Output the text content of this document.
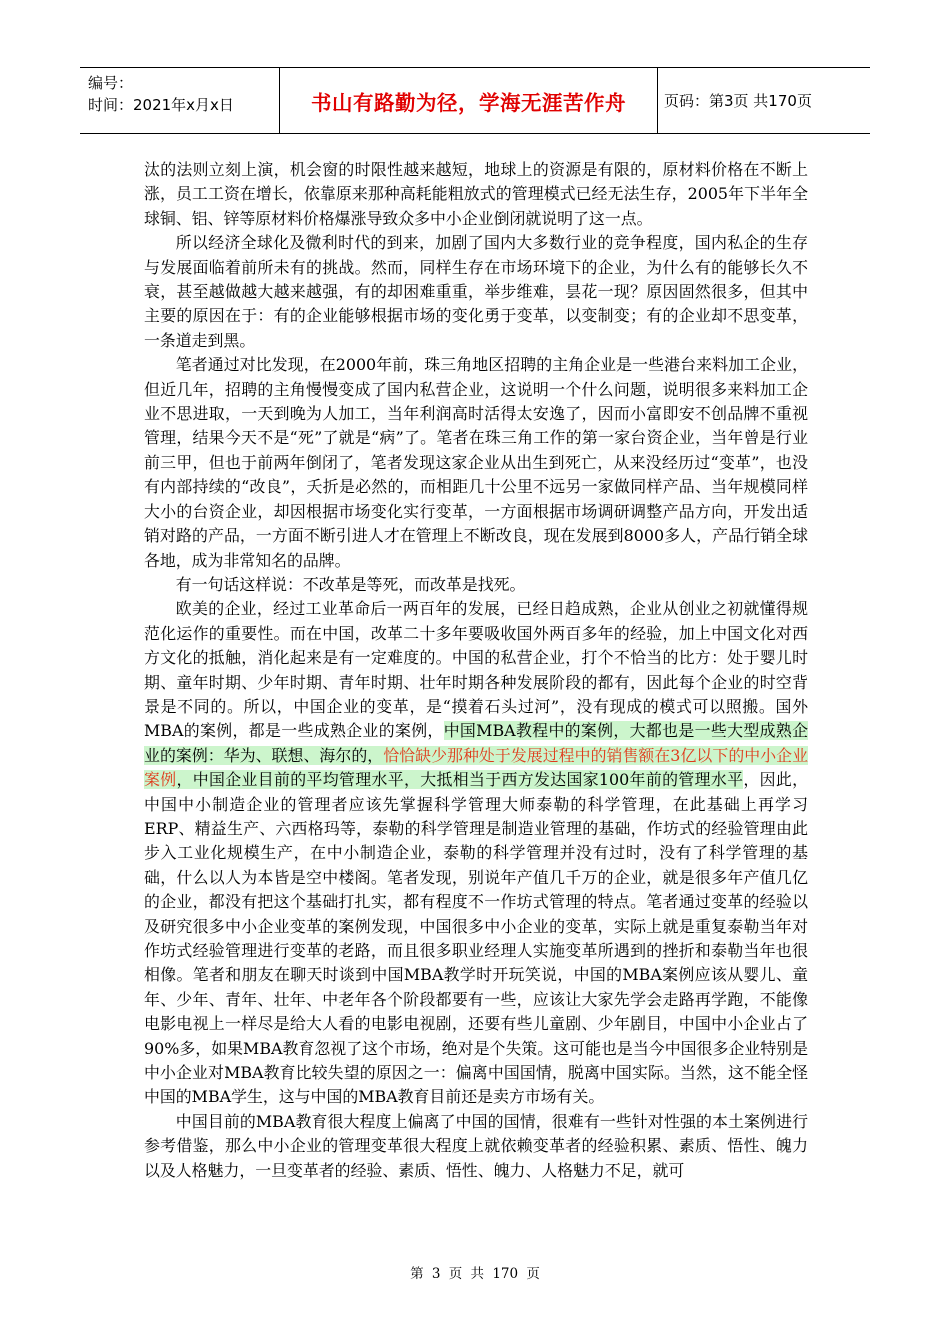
编号：
时间：2021年x月x日	书山有路勤为径，学海无涯苦作舟	页码：第3页 共170页

汰的法则立刻上演，机会窗的时限性越来越短，地球上的资源是有限的，原材料价格在不断上涨，员工工资在增长，依靠原来那种高耗能粗放式的管理模式已经无法生存，2005年下半年全球铜、铝、锌等原材料价格爆涨导致众多中小企业倒闭就说明了这一点。

所以经济全球化及微利时代的到来，加剧了国内大多数行业的竞争程度，国内私企的生存与发展面临着前所未有的挑战。然而，同样生存在市场环境下的企业，为什么有的能够长久不衰，甚至越做越大越来越强，有的却困难重重，举步维难，昙花一现？原因固然很多，但其中主要的原因在于：有的企业能够根据市场的变化勇于变革，以变制变；有的企业却不思变革，一条道走到黑。

笔者通过对比发现，在2000年前，珠三角地区招聘的主角企业是一些港台来料加工企业，但近几年，招聘的主角慢慢变成了国内私营企业，这说明一个什么问题，说明很多来料加工企业不思进取，一天到晚为人加工，当年利润高时活得太安逸了，因而小富即安不创品牌不重视管理，结果今天不是“死”了就是“病”了。笔者在珠三角工作的第一家台资企业，当年曾是行业前三甲，但也于前两年倒闭了，笔者发现这家企业从出生到死亡，从来没经历过“变革”，也没有内部持续的“改良”，夭折是必然的，而相距几十公里不远另一家做同样产品、当年规模同样大小的台资企业，却因根据市场变化实行变革，一方面根据市场调研调整产品方向，开发出适销对路的产品，一方面不断引进人才在管理上不断改良，现在发展到8000多人，产品行销全球各地，成为非常知名的品牌。

有一句话这样说：不改革是等死，而改革是找死。

欧美的企业，经过工业革命后一两百年的发展，已经日趋成熟，企业从创业之初就懂得规范化运作的重要性。而在中国，改革二十多年要吸收国外两百多年的经验，加上中国文化对西方文化的抵触，消化起来是有一定难度的。中国的私营企业，打个不恰当的比方：处于婴儿时期、童年时期、少年时期、青年时期、壮年时期各种发展阶段的都有，因此每个企业的时空背景是不同的。所以，中国企业的变革，是“摸着石头过河”，没有现成的模式可以照搬。国外MBA的案例，都是一些成熟企业的案例，中国MBA教程中的案例，大都也是一些大型成熟企业的案例：华为、联想、海尔的，恰恰缺少那种处于发展过程中的销售额在3亿以下的中小企业案例，中国企业目前的平均管理水平，大抵相当于西方发达国家100年前的管理水平，因此，中国中小制造企业的管理者应该先掌握科学管理大师泰勒的科学管理，在此基础上再学习ERP、精益生产、六西格玛等，泰勒的科学管理是制造业管理的基础，作坊式的经验管理由此步入工业化规模生产，在中小制造企业，泰勒的科学管理并没有过时，没有了科学管理的基础，什么以人为本皆是空中楼阁。笔者发现，别说年产值几千万的企业，就是很多年产值几亿的企业，都没有把这个基础打扎实，都有程度不一作坊式管理的特点。笔者通过变革的经验以及研究很多中小企业变革的案例发现，中国很多中小企业的变革，实际上就是重复泰勒当年对作坊式经验管理进行变革的老路，而且很多职业经理人实施变革所遇到的挫折和泰勒当年也很相像。笔者和朋友在聊天时谈到中国MBA教学时开玩笑说，中国的MBA案例应该从婴儿、童年、少年、青年、壮年、中老年各个阶段都要有一些，应该让大家先学会走路再学跑，不能像电影电视上一样尽是给大人看的电影电视剧，还要有些儿童剧、少年剧目，中国中小企业占了90%多，如果MBA教育忽视了这个市场，绝对是个失策。这可能也是当今中国很多企业特别是中小企业对MBA教育比较失望的原因之一：偏离中国国情，脱离中国实际。当然，这不能全怪中国的MBA学生，这与中国的MBA教育目前还是卖方市场有关。

中国目前的MBA教育很大程度上偏离了中国的国情，很难有一些针对性强的本土案例进行参考借鉴，那么中小企业的管理变革很大程度上就依赖变革者的经验积累、素质、悟性、魄力以及人格魅力，一旦变革者的经验、素质、悟性、魄力、人格魅力不足，就可

第 3 页 共 170 页
